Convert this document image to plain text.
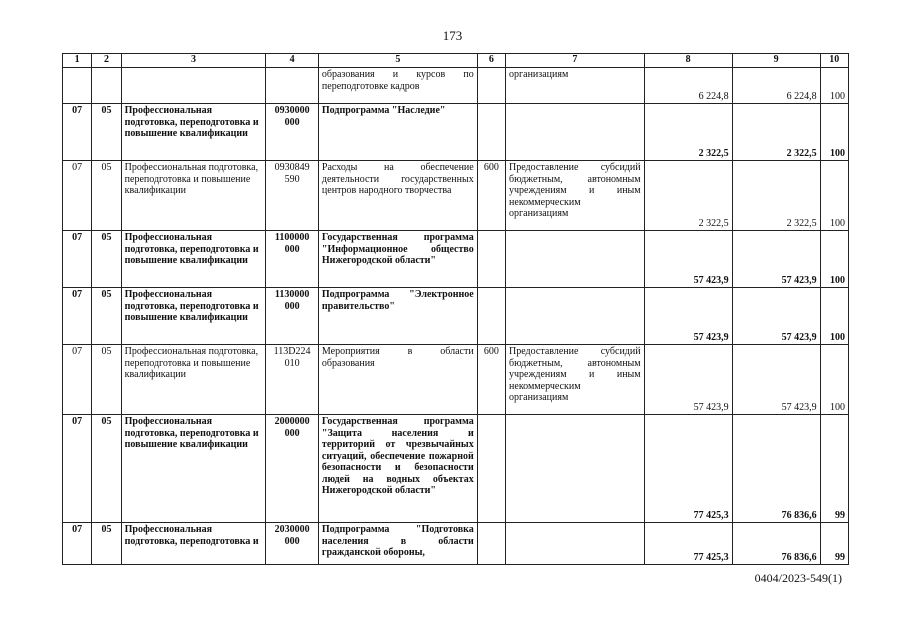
173
1	2	3	4	5	6	7	8	9	10
				образования и курсов по переподготовке кадров		организациям	6 224,8	6 224,8	100
07	05	Профессиональная подготовка, переподготовка и повышение квалификации	0930000 000	Подпрограмма "Наследие"			2 322,5	2 322,5	100
07	05	Профессиональная подготовка, переподготовка и повышение квалификации	0930849 590	Расходы на обеспечение деятельности государственных центров народного творчества	600	Предоставление субсидий бюджетным, автономным учреждениям и иным некоммерческим организациям	2 322,5	2 322,5	100
07	05	Профессиональная подготовка, переподготовка и повышение квалификации	1100000 000	Государственная программа "Информационное общество Нижегородской области"			57 423,9	57 423,9	100
07	05	Профессиональная подготовка, переподготовка и повышение квалификации	1130000 000	Подпрограмма "Электронное правительство"			57 423,9	57 423,9	100
07	05	Профессиональная подготовка, переподготовка и повышение квалификации	113D224 010	Мероприятия в области образования	600	Предоставление субсидий бюджетным, автономным учреждениям и иным некоммерческим организациям	57 423,9	57 423,9	100
07	05	Профессиональная подготовка, переподготовка и повышение квалификации	2000000 000	Государственная программа "Защита населения и территорий от чрезвычайных ситуаций, обеспечение пожарной безопасности и безопасности людей на водных объектах Нижегородской области"			77 425,3	76 836,6	99
07	05	Профессиональная подготовка, переподготовка и	2030000 000	Подпрограмма "Подготовка населения в области гражданской обороны,			77 425,3	76 836,6	99
0404/2023-549(1)
